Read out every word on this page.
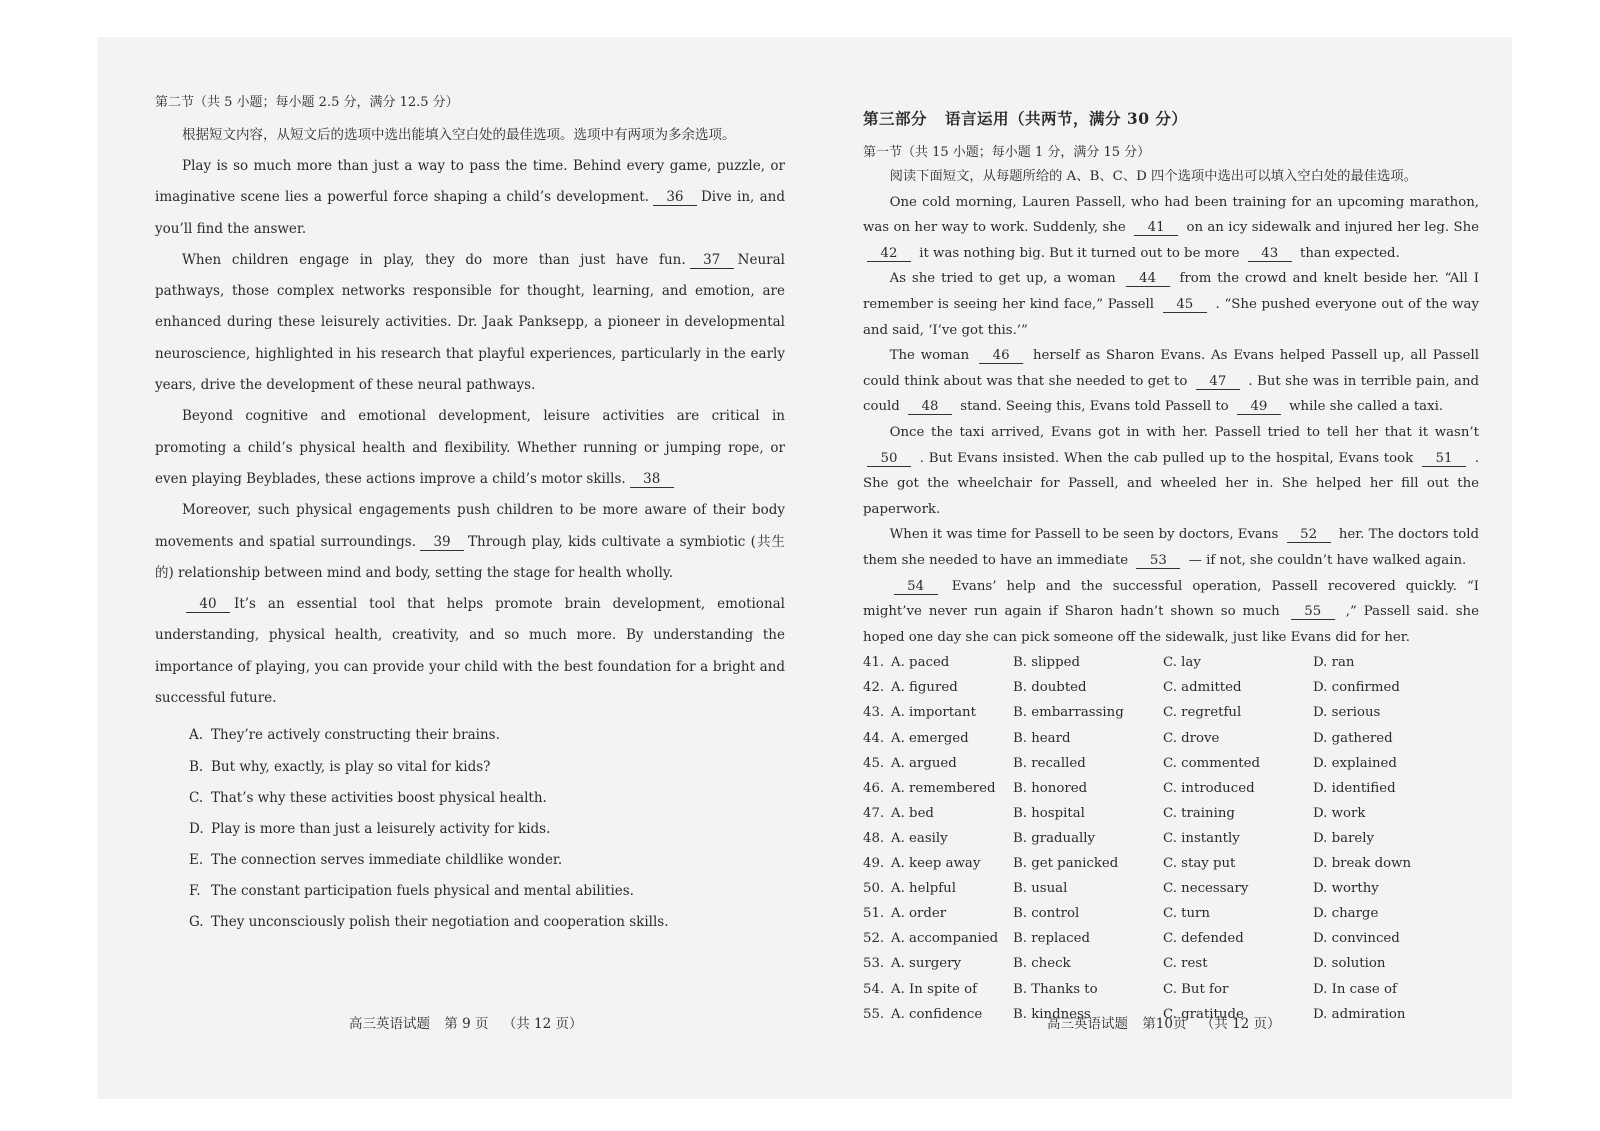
第二节（共 5 小题；每小题 2.5 分，满分 12.5 分）

根据短文内容，从短文后的选项中选出能填入空白处的最佳选项。选项中有两项为多余选项。

Play is so much more than just a way to pass the time. Behind every game, puzzle, or imaginative scene lies a powerful force shaping a child’s development. 36 Dive in, and you’ll find the answer.

When children engage in play, they do more than just have fun. 37 Neural pathways, those complex networks responsible for thought, learning, and emotion, are enhanced during these leisurely activities. Dr. Jaak Panksepp, a pioneer in developmental neuroscience, highlighted in his research that playful experiences, particularly in the early years, drive the development of these neural pathways.

Beyond cognitive and emotional development, leisure activities are critical in promoting a child’s physical health and flexibility. Whether running or jumping rope, or even playing Beyblades, these actions improve a child’s motor skills. 38

Moreover, such physical engagements push children to be more aware of their body movements and spatial surroundings. 39 Through play, kids cultivate a symbiotic (共生的) relationship between mind and body, setting the stage for health wholly.

40 It’s an essential tool that helps promote brain development, emotional understanding, physical health, creativity, and so much more. By understanding the importance of playing, you can provide your child with the best foundation for a bright and successful future.

A. They’re actively constructing their brains.
B. But why, exactly, is play so vital for kids?
C. That’s why these activities boost physical health.
D. Play is more than just a leisurely activity for kids.
E. The connection serves immediate childlike wonder.
F. The constant participation fuels physical and mental abilities.
G. They unconsciously polish their negotiation and cooperation skills.
高三英语试题 第 9 页 （共 12 页）

第三部分 语言运用（共两节，满分 30 分）

第一节（共 15 小题；每小题 1 分，满分 15 分）

阅读下面短文，从每题所给的 A、B、C、D 四个选项中选出可以填入空白处的最佳选项。

One cold morning, Lauren Passell, who had been training for an upcoming marathon, was on her way to work. Suddenly, she 41 on an icy sidewalk and injured her leg. She 42 it was nothing big. But it turned out to be more 43 than expected.

As she tried to get up, a woman 44 from the crowd and knelt beside her. “All I remember is seeing her kind face,” Passell 45 . “She pushed everyone out of the way and said, ‘I’ve got this.’”

The woman 46 herself as Sharon Evans. As Evans helped Passell up, all Passell could think about was that she needed to get to 47 . But she was in terrible pain, and could 48 stand. Seeing this, Evans told Passell to 49 while she called a taxi.

Once the taxi arrived, Evans got in with her. Passell tried to tell her that it wasn’t 50 . But Evans insisted. When the cab pulled up to the hospital, Evans took 51 . She got the wheelchair for Passell, and wheeled her in. She helped her fill out the paperwork.

When it was time for Passell to be seen by doctors, Evans 52 her. The doctors told them she needed to have an immediate 53 — if not, she couldn’t have walked again.

54 Evans’ help and the successful operation, Passell recovered quickly. “I might’ve never run again if Sharon hadn’t shown so much 55 ,” Passell said. she hoped one day she can pick someone off the sidewalk, just like Evans did for her.

41. A. paced	B. slipped	C. lay	D. ran
42. A. figured	B. doubted	C. admitted	D. confirmed
43. A. important	B. embarrassing	C. regretful	D. serious
44. A. emerged	B. heard	C. drove	D. gathered
45. A. argued	B. recalled	C. commented	D. explained
46. A. remembered	B. honored	C. introduced	D. identified
47. A. bed	B. hospital	C. training	D. work
48. A. easily	B. gradually	C. instantly	D. barely
49. A. keep away	B. get panicked	C. stay put	D. break down
50. A. helpful	B. usual	C. necessary	D. worthy
51. A. order	B. control	C. turn	D. charge
52. A. accompanied	B. replaced	C. defended	D. convinced
53. A. surgery	B. check	C. rest	D. solution
54. A. In spite of	B. Thanks to	C. But for	D. In case of
55. A. confidence	B. kindness	C. gratitude	D. admiration
高三英语试题 第10页 （共 12 页）
